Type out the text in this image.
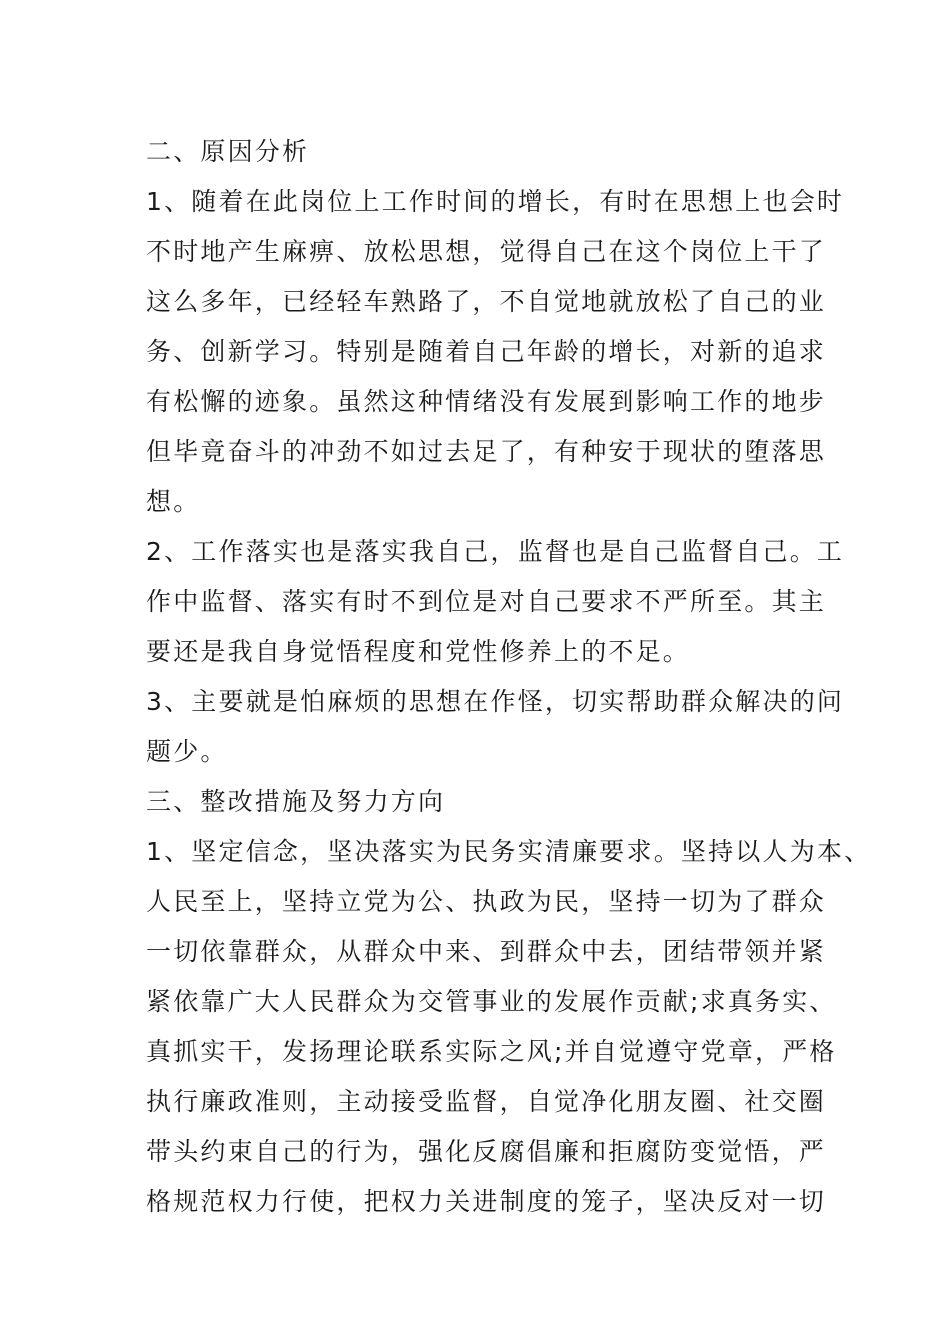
二、原因分析
1、随着在此岗位上工作时间的增长，有时在思想上也会时
不时地产生麻痹、放松思想，觉得自己在这个岗位上干了
这么多年，已经轻车熟路了，不自觉地就放松了自己的业
务、创新学习。特别是随着自己年龄的增长，对新的追求
有松懈的迹象。虽然这种情绪没有发展到影响工作的地步
但毕竟奋斗的冲劲不如过去足了，有种安于现状的堕落思
想。
2、工作落实也是落实我自己，监督也是自己监督自己。工
作中监督、落实有时不到位是对自己要求不严所至。其主
要还是我自身觉悟程度和党性修养上的不足。
3、主要就是怕麻烦的思想在作怪，切实帮助群众解决的问
题少。
三、整改措施及努力方向
1、坚定信念，坚决落实为民务实清廉要求。坚持以人为本、
人民至上，坚持立党为公、执政为民，坚持一切为了群众
一切依靠群众，从群众中来、到群众中去，团结带领并紧
紧依靠广大人民群众为交管事业的发展作贡献;求真务实、
真抓实干，发扬理论联系实际之风;并自觉遵守党章，严格
执行廉政准则，主动接受监督，自觉净化朋友圈、社交圈
带头约束自己的行为，强化反腐倡廉和拒腐防变觉悟，严
格规范权力行使，把权力关进制度的笼子，坚决反对一切
